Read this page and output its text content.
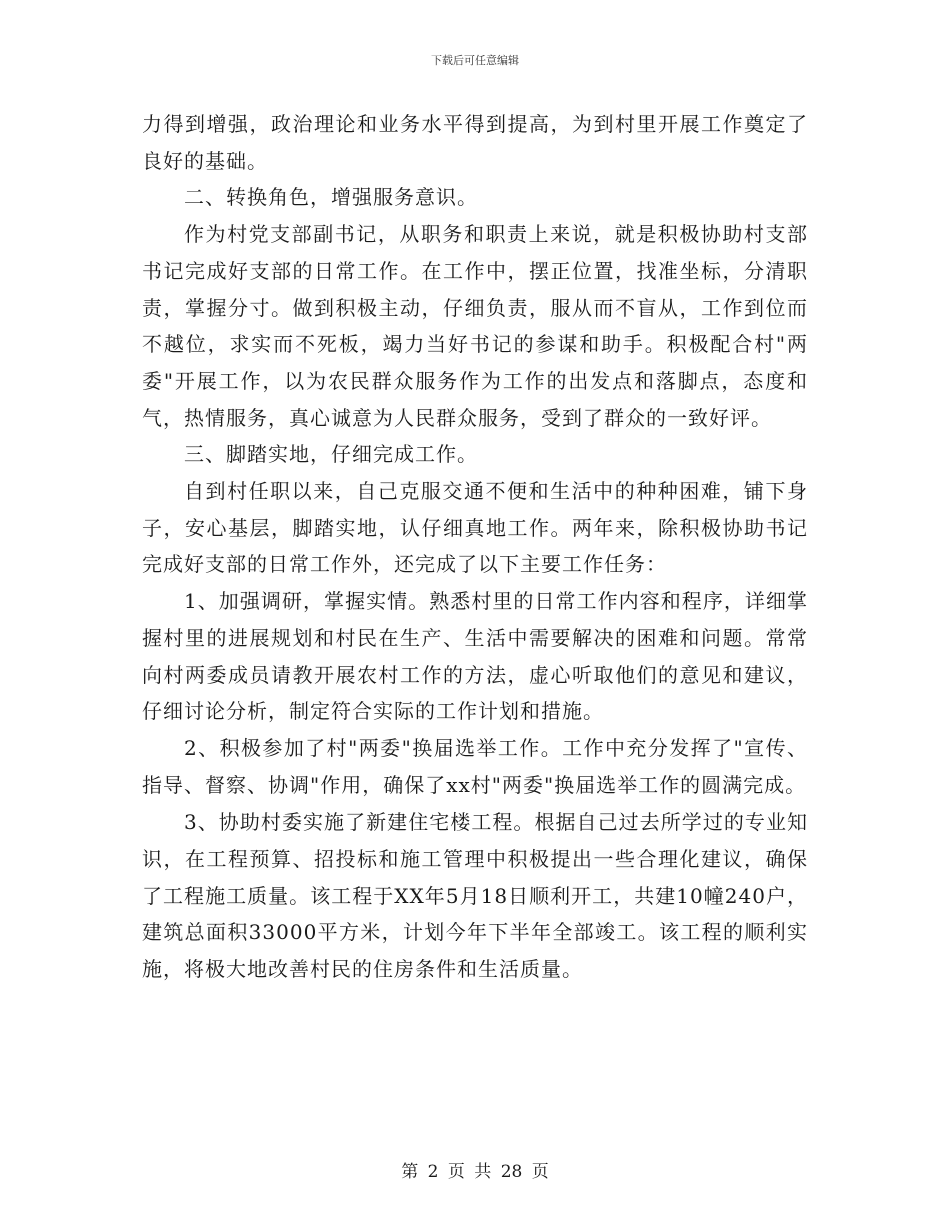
下载后可任意编辑

力得到增强，政治理论和业务水平得到提高，为到村里开展工作奠定了良好的基础。

二、转换角色，增强服务意识。

作为村党支部副书记，从职务和职责上来说，就是积极协助村支部书记完成好支部的日常工作。在工作中，摆正位置，找准坐标，分清职责，掌握分寸。做到积极主动，仔细负责，服从而不盲从，工作到位而不越位，求实而不死板，竭力当好书记的参谋和助手。积极配合村"两委"开展工作，以为农民群众服务作为工作的出发点和落脚点，态度和气，热情服务，真心诚意为人民群众服务，受到了群众的一致好评。

三、脚踏实地，仔细完成工作。

自到村任职以来，自己克服交通不便和生活中的种种困难，铺下身子，安心基层，脚踏实地，认仔细真地工作。两年来，除积极协助书记完成好支部的日常工作外，还完成了以下主要工作任务：

1、加强调研，掌握实情。熟悉村里的日常工作内容和程序，详细掌握村里的进展规划和村民在生产、生活中需要解决的困难和问题。常常向村两委成员请教开展农村工作的方法，虚心听取他们的意见和建议，仔细讨论分析，制定符合实际的工作计划和措施。

2、积极参加了村"两委"换届选举工作。工作中充分发挥了"宣传、指导、督察、协调"作用，确保了xx村"两委"换届选举工作的圆满完成。

3、协助村委实施了新建住宅楼工程。根据自己过去所学过的专业知识，在工程预算、招投标和施工管理中积极提出一些合理化建议，确保了工程施工质量。该工程于XX年5月18日顺利开工，共建10幢240户，建筑总面积33000平方米，计划今年下半年全部竣工。该工程的顺利实施，将极大地改善村民的住房条件和生活质量。

第 2 页 共 28 页
